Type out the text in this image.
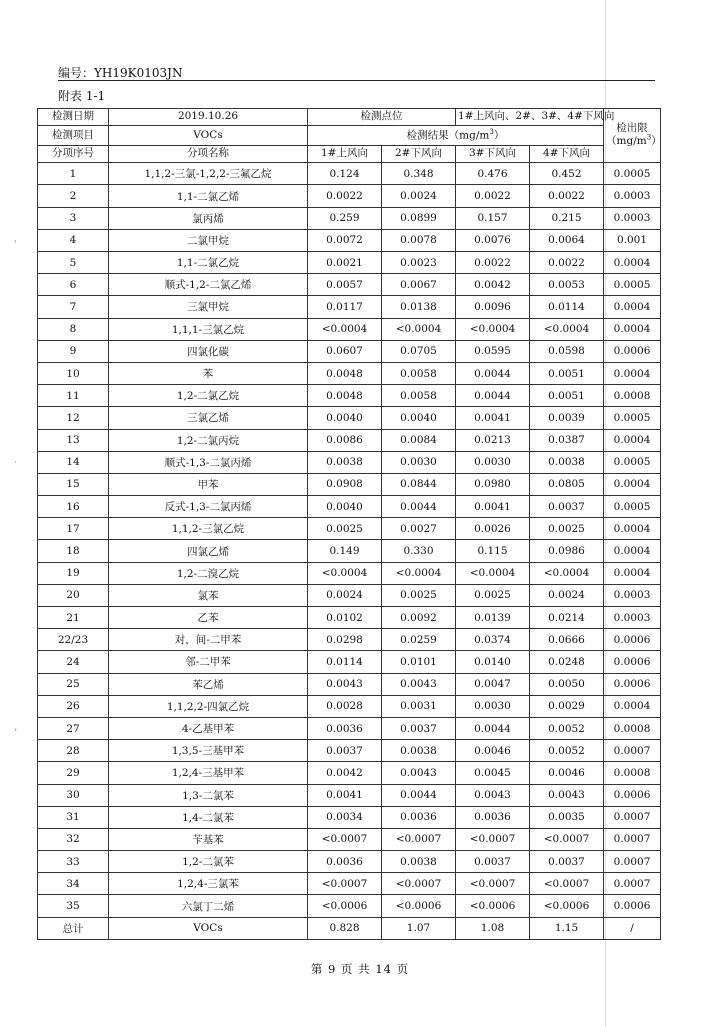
'
·
‘
编号：YH19K0103JN
附表 1-1
检测日期	2019.10.26	检测点位		1#上风向、2#、3#、4#下风向		检出限
$(mg/m^3)$
检测项目	VOCs	检测结果$(mg/m^3)$				
分项序号	分项名称	1#上风向	2#下风向	3#下风向	4#下风向	
1	1,1,2-三氯-1,2,2-三氟乙烷	0.124	0.348	0.476	0.452	0.0005
2	1,1-二氯乙烯	0.0022	0.0024	0.0022	0.0022	0.0003
3	氯丙烯	0.259	0.0899	0.157	0.215	0.0003
4	二氯甲烷	0.0072	0.0078	0.0076	0.0064	0.001
5	1,1-二氯乙烷	0.0021	0.0023	0.0022	0.0022	0.0004
6	顺式-1,2-二氯乙烯	0.0057	0.0067	0.0042	0.0053	0.0005
7	三氯甲烷	0.0117	0.0138	0.0096	0.0114	0.0004
8	1,1,1-三氯乙烷	<0.0004	<0.0004	<0.0004	<0.0004	0.0004
9	四氯化碳	0.0607	0.0705	0.0595	0.0598	0.0006
10	苯	0.0048	0.0058	0.0044	0.0051	0.0004
11	1,2-二氯乙烷	0.0048	0.0058	0.0044	0.0051	0.0008
12	三氯乙烯	0.0040	0.0040	0.0041	0.0039	0.0005
13	1,2-二氯丙烷	0.0086	0.0084	0.0213	0.0387	0.0004
14	顺式-1,3-二氯丙烯	0.0038	0.0030	0.0030	0.0038	0.0005
15	甲苯	0.0908	0.0844	0.0980	0.0805	0.0004
16	反式-1,3-二氯丙烯	0.0040	0.0044	0.0041	0.0037	0.0005
17	1,1,2-三氯乙烷	0.0025	0.0027	0.0026	0.0025	0.0004
18	四氯乙烯	0.149	0.330	0.115	0.0986	0.0004
19	1,2-二溴乙烷	<0.0004	<0.0004	<0.0004	<0.0004	0.0004
20	氯苯	0.0024	0.0025	0.0025	0.0024	0.0003
21	乙苯	0.0102	0.0092	0.0139	0.0214	0.0003
22/23	对，间-二甲苯	0.0298	0.0259	0.0374	0.0666	0.0006
24	邻-二甲苯	0.0114	0.0101	0.0140	0.0248	0.0006
25	苯乙烯	0.0043	0.0043	0.0047	0.0050	0.0006
26	1,1,2,2-四氯乙烷	0.0028	0.0031	0.0030	0.0029	0.0004
27	4-乙基甲苯	0.0036	0.0037	0.0044	0.0052	0.0008
28	1,3,5-三基甲苯	0.0037	0.0038	0.0046	0.0052	0.0007
29	1,2,4-三基甲苯	0.0042	0.0043	0.0045	0.0046	0.0008
30	1,3-二氯苯	0.0041	0.0044	0.0043	0.0043	0.0006
31	1,4-二氯苯	0.0034	0.0036	0.0036	0.0035	0.0007
32	苄基苯	<0.0007	<0.0007	<0.0007	<0.0007	0.0007
33	1,2-二氯苯	0.0036	0.0038	0.0037	0.0037	0.0007
34	1,2,4-三氯苯	<0.0007	<0.0007	<0.0007	<0.0007	0.0007
35	六氯丁二烯	<0.0006	<0.0006	<0.0006	<0.0006	0.0006
总计	VOCs	0.828	1.07	1.08	1.15	/
第 9 页 共 14 页
